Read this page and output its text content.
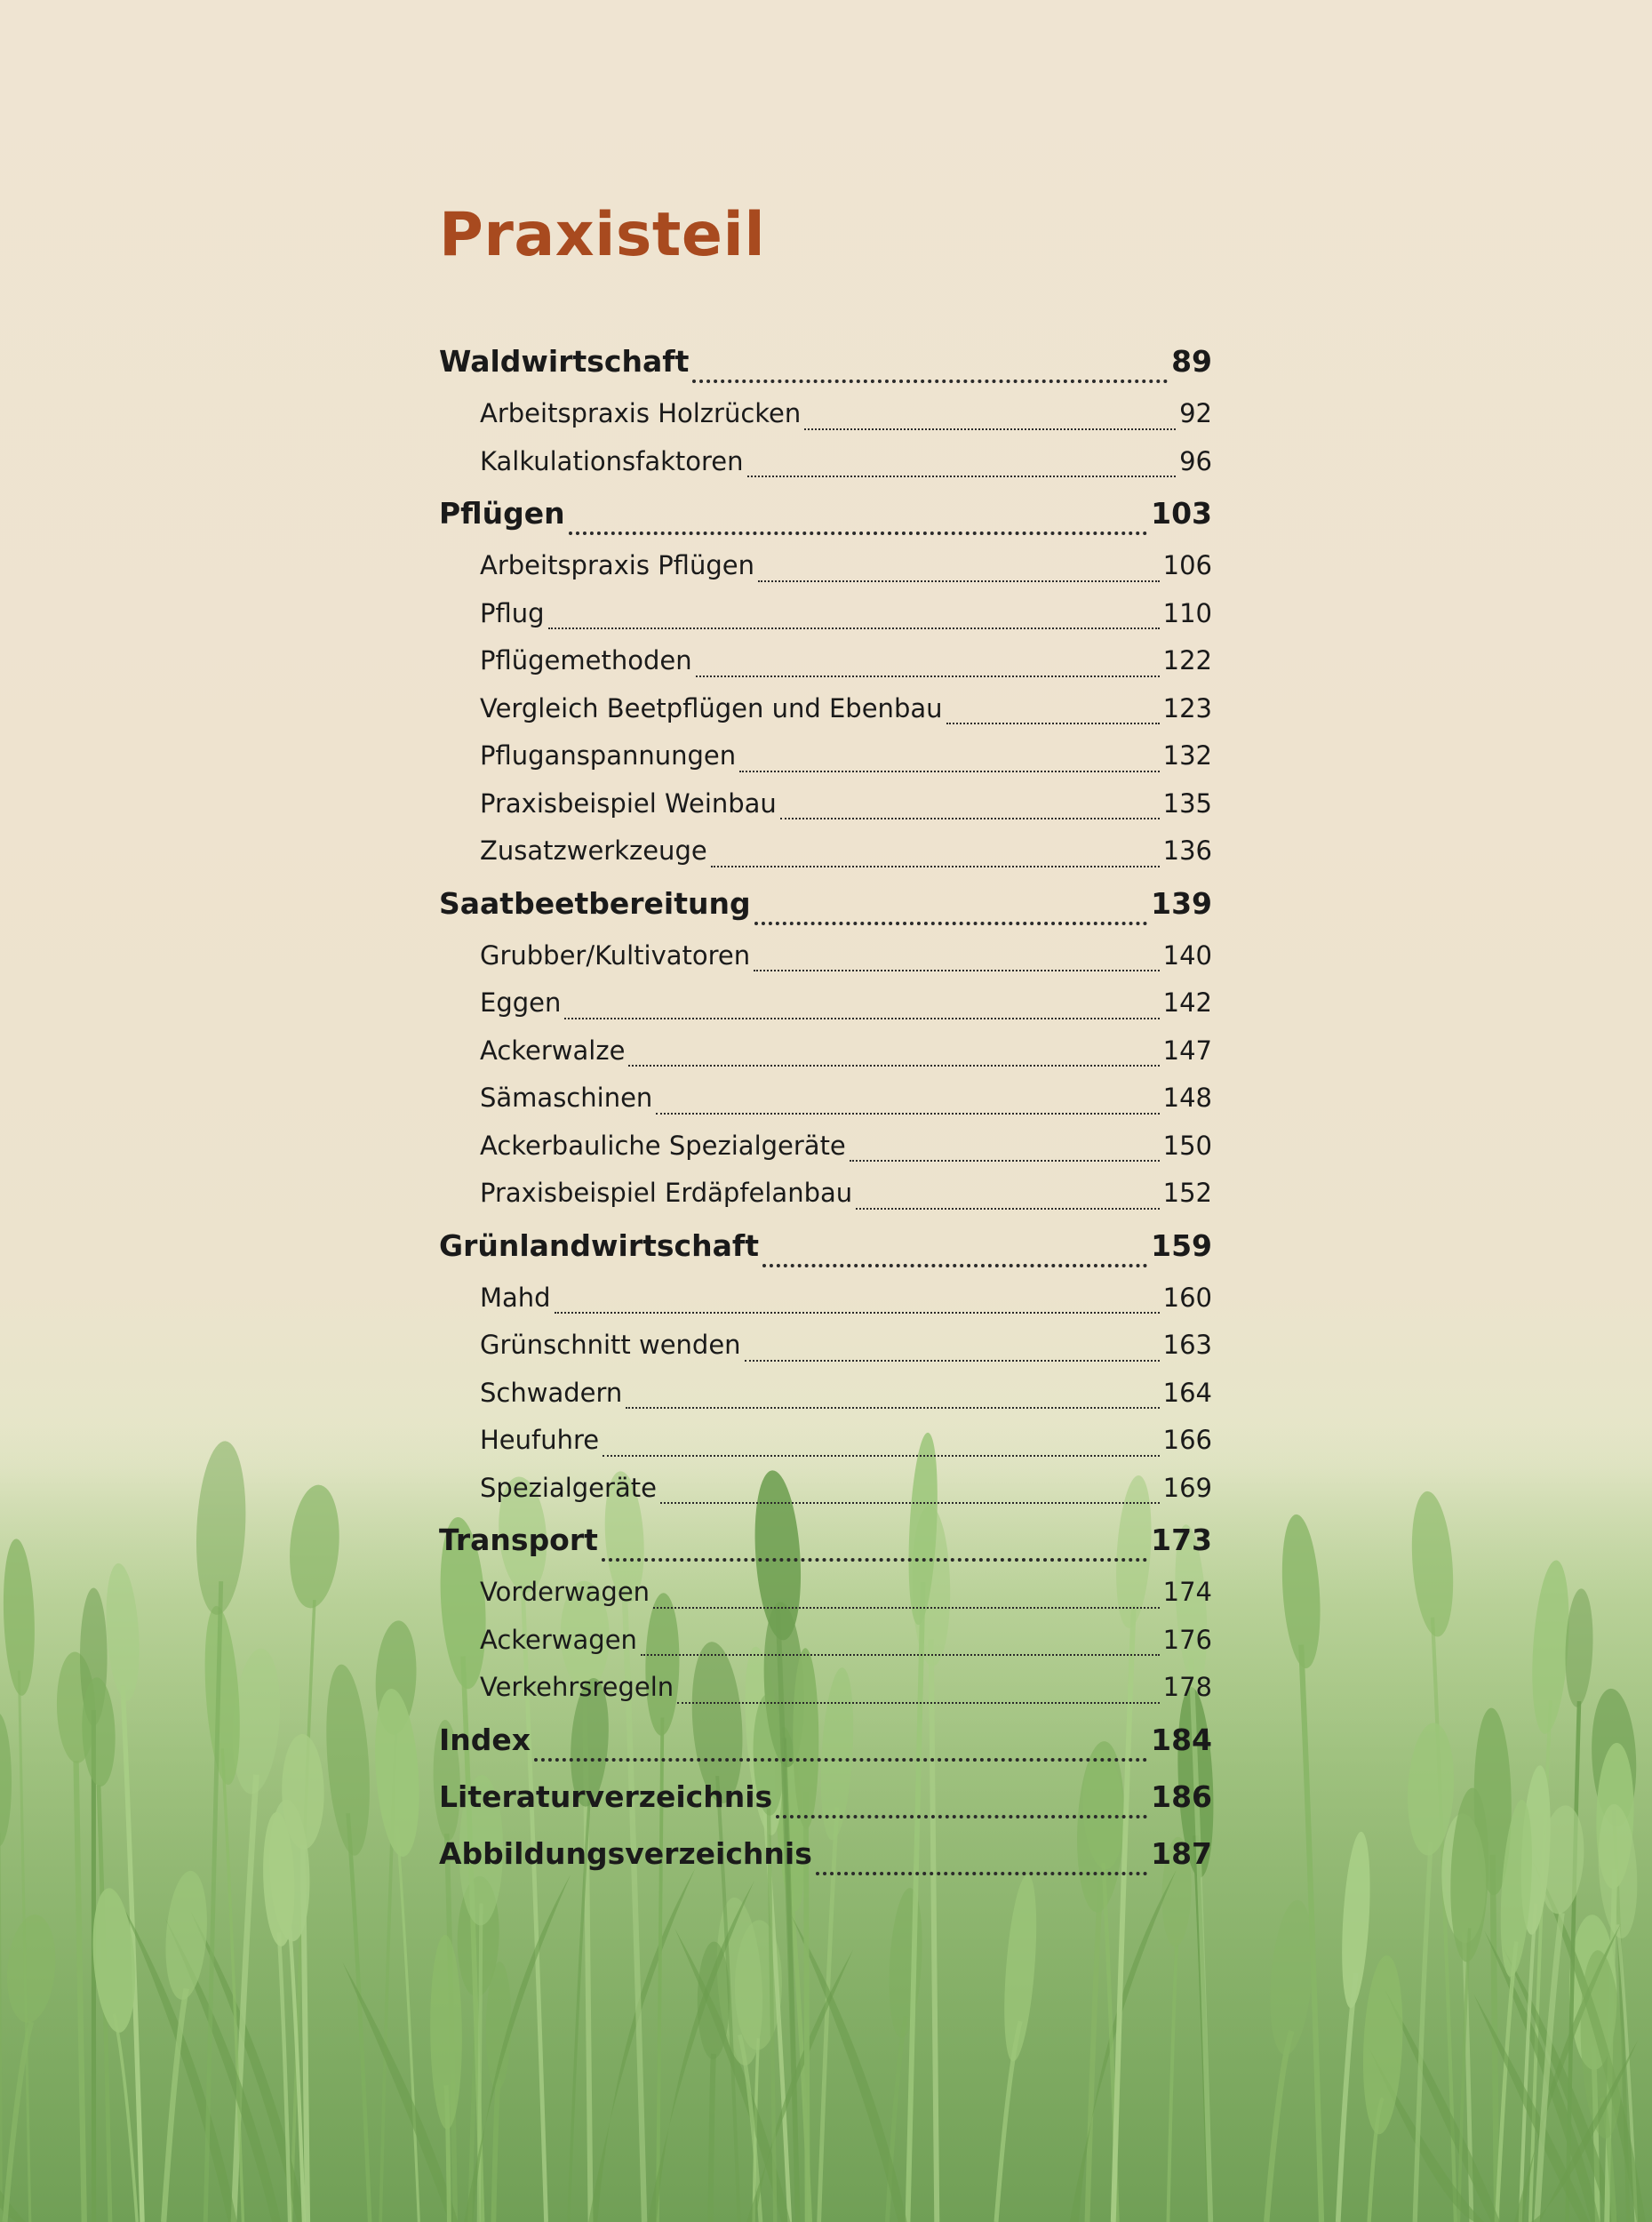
Praxisteil
Waldwirtschaft	89
Arbeitspraxis Holzrücken	92
Kalkulationsfaktoren	96
Pflügen	103
Arbeitspraxis Pflügen	106
Pflug	110
Pflügemethoden	122
Vergleich Beetpflügen und Ebenbau	123
Pfluganspannungen	132
Praxisbeispiel Weinbau	135
Zusatzwerkzeuge	136
Saatbeetbereitung	139
Grubber/Kultivatoren	140
Eggen	142
Ackerwalze	147
Sämaschinen	148
Ackerbauliche Spezialgeräte	150
Praxisbeispiel Erdäpfelanbau	152
Grünlandwirtschaft	159
Mahd	160
Grünschnitt wenden	163
Schwadern	164
Heufuhre	166
Spezialgeräte	169
Transport	173
Vorderwagen	174
Ackerwagen	176
Verkehrsregeln	178
Index	184
Literaturverzeichnis	186
Abbildungsverzeichnis	187
